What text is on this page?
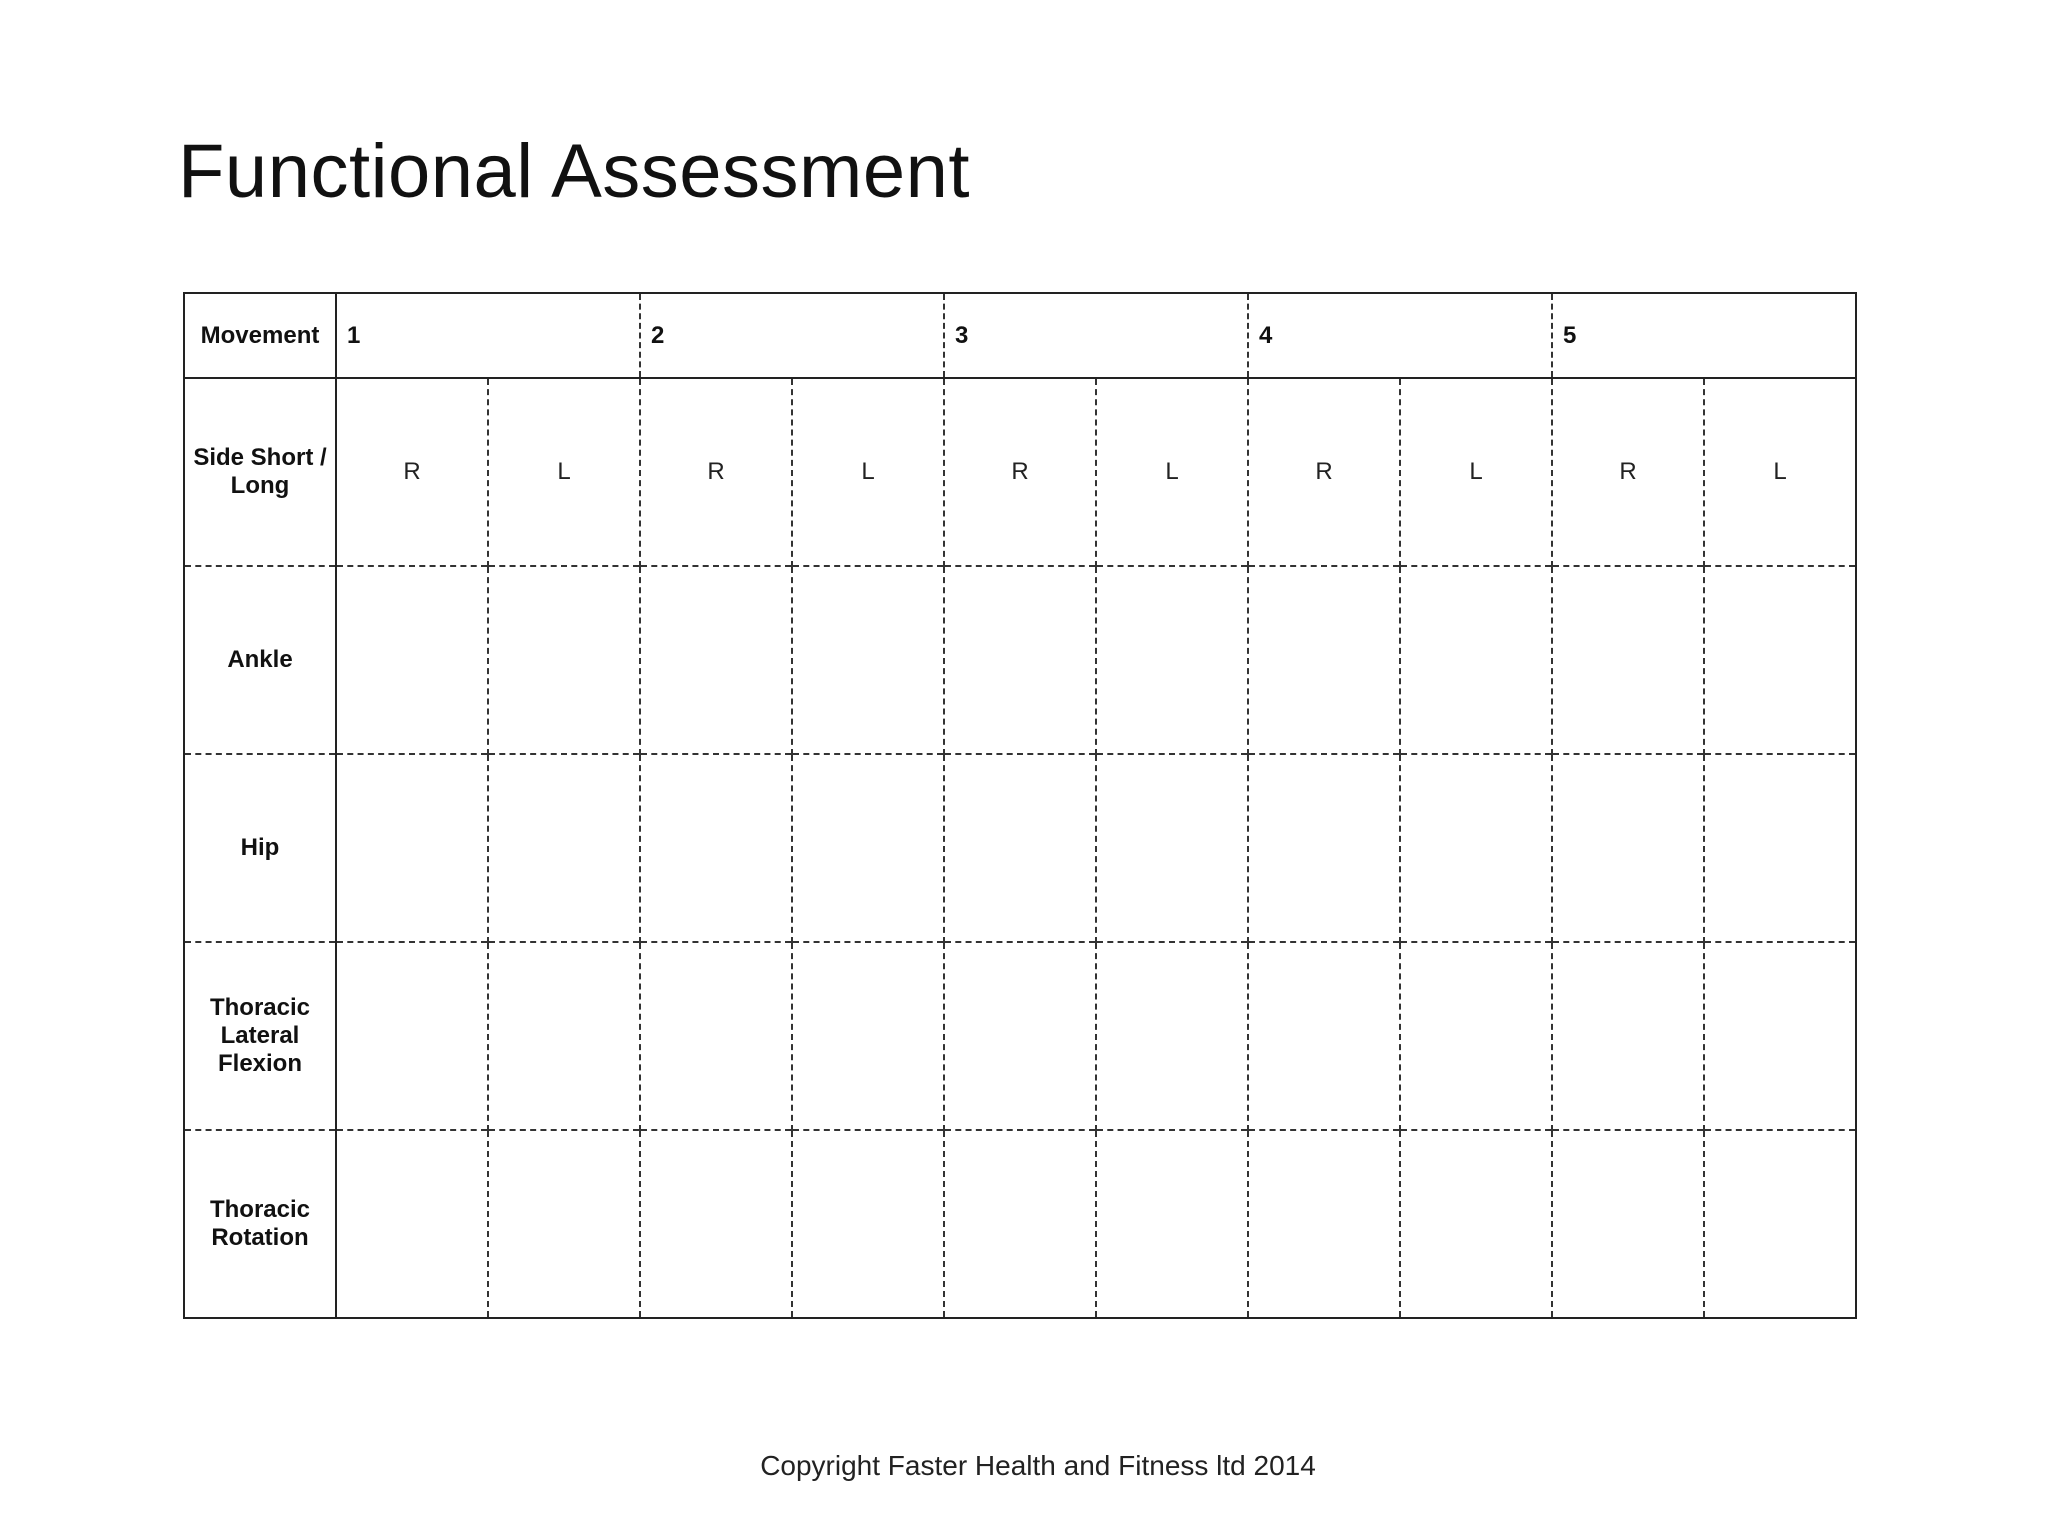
Functional Assessment
Movement	1		2		3		4		5	

Side Short / Long	R	L	R	L	R	L	R	L	R	L

Ankle										

Hip										

Thoracic Lateral Flexion										

Thoracic Rotation										

Copyright Faster Health and Fitness ltd 2014
